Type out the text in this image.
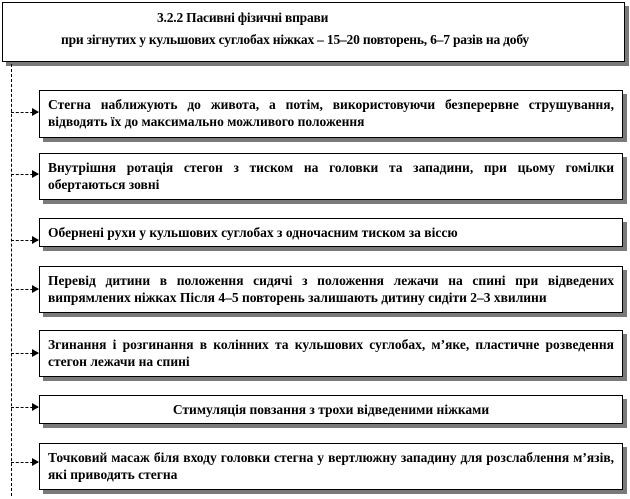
3.2.2 Пасивні фізичні вправи
при зігнутих у кульшових суглобах ніжках – 15–20 повторень, 6–7 разів на добу
Стегна наближують до живота, а потім, використовуючи безперервне струшування, відводять їх до максимально можливого положення
Внутрішня ротація стегон з тиском на головки та западини, при цьому гомілки обертаються зовні
Обернені рухи у кульшових суглобах з одночасним тиском за віссю
Перевід дитини в положення сидячі з положення лежачи на спині при відведених випрямлених ніжках Після 4–5 повторень залишають дитину сидіти 2–3 хвилини
Згинання і розгинання в колінних та кульшових суглобах, м’яке, пластичне розведення стегон лежачи на спині
Стимуляція повзання з трохи відведеними ніжками
Точковий масаж біля входу головки стегна у вертлюжну западину для розслаблення м’язів, які приводять стегна
